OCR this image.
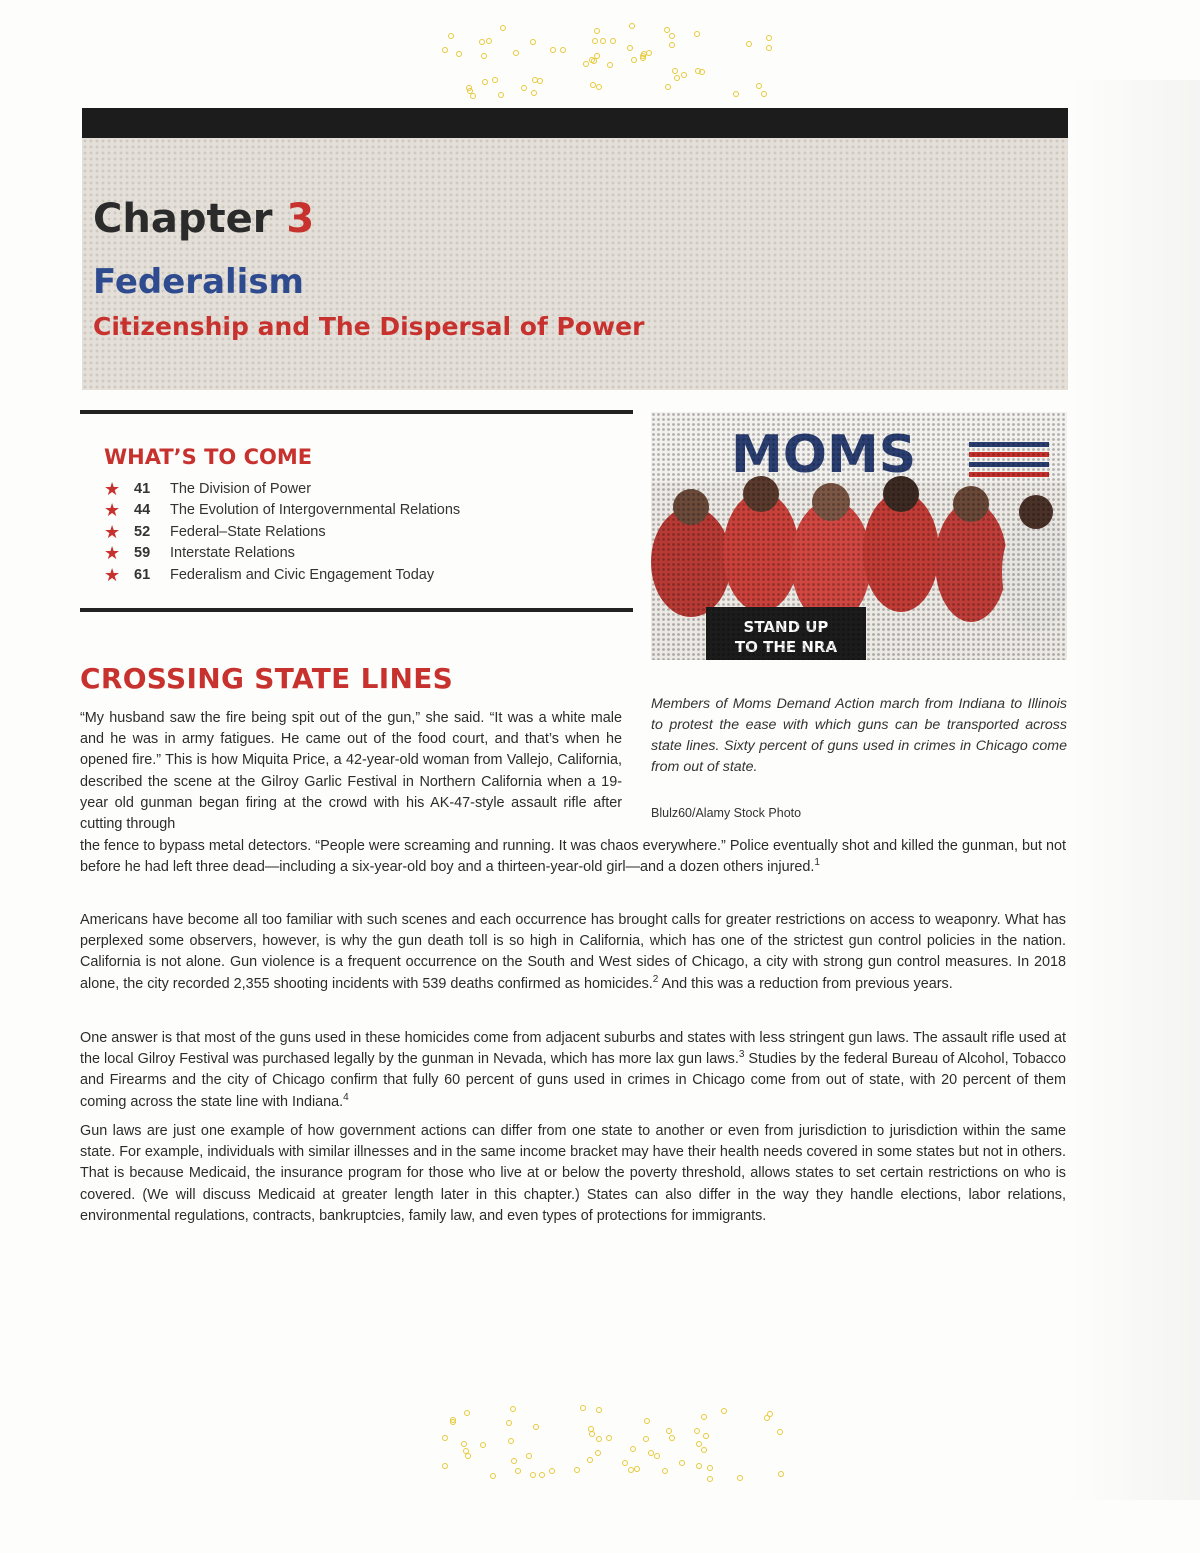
Chapter 3
Federalism
Citizenship and The Dispersal of Power
WHAT’S TO COME
★ 41	The Division of Power
★ 44	The Evolution of Intergovernmental Relations
★ 52	Federal–State Relations
★ 59	Interstate Relations
★ 61	Federalism and Civic Engagement Today
Members of Moms Demand Action march from Indiana to Illinois to protest the ease with which guns can be transported across state lines. Sixty percent of guns used in crimes in Chicago come from out of state.
Blulz60/Alamy Stock Photo
CROSSING STATE LINES
“My husband saw the fire being spit out of the gun,” she said. “It was a white male and he was in army fatigues. He came out of the food court, and that’s when he opened fire.” This is how Miquita Price, a 42-year-old woman from Vallejo, California, described the scene at the Gilroy Garlic Festival in Northern California when a 19-year old gunman began firing at the crowd with his AK-47-style assault rifle after cutting through
the fence to bypass metal detectors. “People were screaming and running. It was chaos everywhere.” Police eventually shot and killed the gunman, but not before he had left three dead—including a six-year-old boy and a thirteen-year-old girl—and a dozen others injured.$^1$
Americans have become all too familiar with such scenes and each occurrence has brought calls for greater restrictions on access to weaponry. What has perplexed some observers, however, is why the gun death toll is so high in California, which has one of the strictest gun control policies in the nation. California is not alone. Gun violence is a frequent occurrence on the South and West sides of Chicago, a city with strong gun control measures. In 2018 alone, the city recorded 2,355 shooting incidents with 539 deaths confirmed as homicides.$^2$ And this was a reduction from previous years.
One answer is that most of the guns used in these homicides come from adjacent suburbs and states with less stringent gun laws. The assault rifle used at the local Gilroy Festival was purchased legally by the gunman in Nevada, which has more lax gun laws.$^3$ Studies by the federal Bureau of Alcohol, Tobacco and Firearms and the city of Chicago confirm that fully 60 percent of guns used in crimes in Chicago come from out of state, with 20 percent of them coming across the state line with Indiana.$^4$
Gun laws are just one example of how government actions can differ from one state to another or even from jurisdiction to jurisdiction within the same state. For example, individuals with similar illnesses and in the same income bracket may have their health needs covered in some states but not in others. That is because Medicaid, the insurance program for those who live at or below the poverty threshold, allows states to set certain restrictions on who is covered. (We will discuss Medicaid at greater length later in this chapter.) States can also differ in the way they handle elections, labor relations, environmental regulations, contracts, bankruptcies, family law, and even types of protections for immigrants.
